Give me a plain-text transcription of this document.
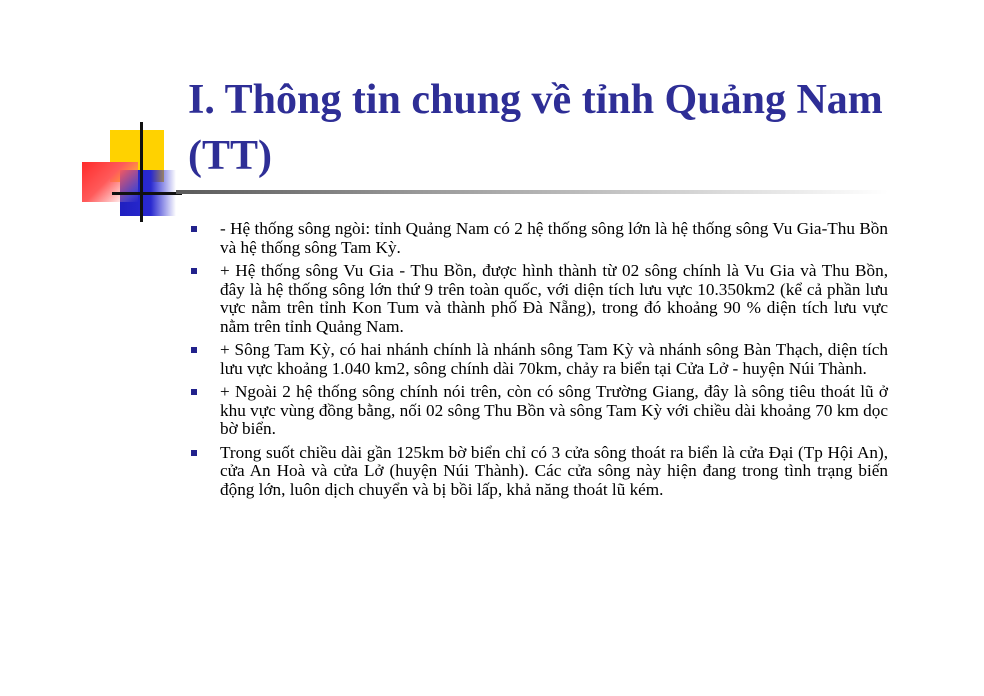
I. Thông tin chung về tỉnh Quảng Nam (TT)
- Hệ thống sông ngòi: tỉnh Quảng Nam có 2 hệ thống sông lớn là hệ thống sông Vu Gia-Thu Bồn và hệ thống sông Tam Kỳ.
+ Hệ thống sông Vu Gia - Thu Bồn, được hình thành từ 02 sông chính là Vu Gia và Thu Bồn, đây là hệ thống sông lớn thứ 9 trên toàn quốc, với diện tích lưu vực 10.350km2 (kể cả phần lưu vực nằm trên tỉnh Kon Tum và thành phố Đà Nẵng), trong đó khoảng 90 % diện tích lưu vực nằm trên tỉnh Quảng Nam.
+ Sông Tam Kỳ, có hai nhánh chính là nhánh sông Tam Kỳ và nhánh sông Bàn Thạch, diện tích lưu vực khoảng 1.040 km2, sông chính dài 70km, chảy ra biển tại Cửa Lở - huyện Núi Thành.
+ Ngoài 2 hệ thống sông chính nói trên, còn có sông Trường Giang, đây là sông tiêu thoát lũ ở khu vực vùng đồng bằng, nối 02 sông Thu Bồn và sông Tam Kỳ với chiều dài khoảng 70 km dọc bờ biển.
Trong suốt chiều dài gần 125km bờ biển chỉ có 3 cửa sông thoát ra biển là cửa Đại (Tp Hội An), cửa An Hoà và cửa Lở (huyện Núi Thành). Các cửa sông này hiện đang trong tình trạng biến động lớn, luôn dịch chuyển và bị bồi lấp, khả năng thoát lũ kém.
